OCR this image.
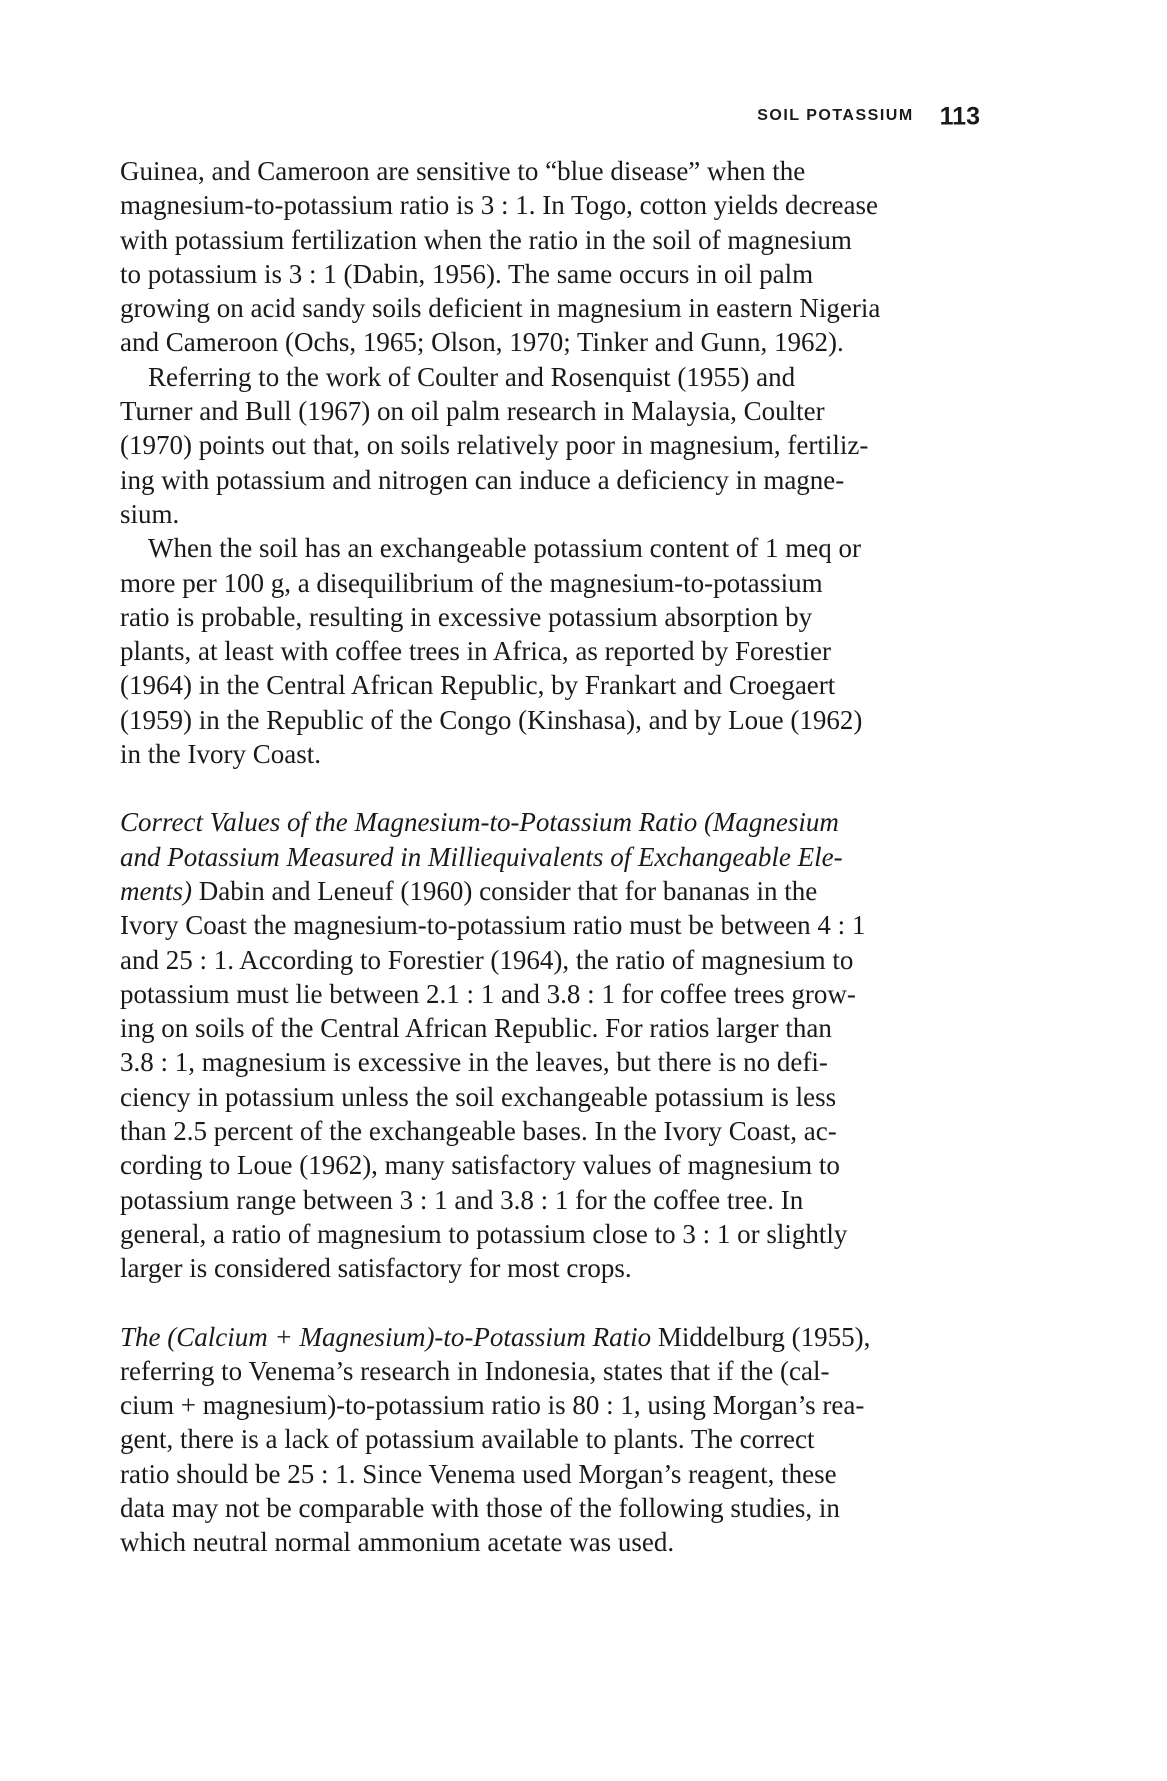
SOIL POTASSIUM 113
Guinea, and Cameroon are sensitive to “blue disease” when the
magnesium-to-potassium ratio is 3 : 1. In Togo, cotton yields decrease
with potassium fertilization when the ratio in the soil of magnesium
to potassium is 3 : 1 (Dabin, 1956). The same occurs in oil palm
growing on acid sandy soils deficient in magnesium in eastern Nigeria
and Cameroon (Ochs, 1965; Olson, 1970; Tinker and Gunn, 1962).
Referring to the work of Coulter and Rosenquist (1955) and
Turner and Bull (1967) on oil palm research in Malaysia, Coulter
(1970) points out that, on soils relatively poor in magnesium, fertiliz-
ing with potassium and nitrogen can induce a deficiency in magne-
sium.
When the soil has an exchangeable potassium content of 1 meq or
more per 100 g, a disequilibrium of the magnesium-to-potassium
ratio is probable, resulting in excessive potassium absorption by
plants, at least with coffee trees in Africa, as reported by Forestier
(1964) in the Central African Republic, by Frankart and Croegaert
(1959) in the Republic of the Congo (Kinshasa), and by Loue (1962)
in the Ivory Coast.
Correct Values of the Magnesium-to-Potassium Ratio (Magnesium
and Potassium Measured in Milliequivalents of Exchangeable Ele-
ments) Dabin and Leneuf (1960) consider that for bananas in the
Ivory Coast the magnesium-to-potassium ratio must be between 4 : 1
and 25 : 1. According to Forestier (1964), the ratio of magnesium to
potassium must lie between 2.1 : 1 and 3.8 : 1 for coffee trees grow-
ing on soils of the Central African Republic. For ratios larger than
3.8 : 1, magnesium is excessive in the leaves, but there is no defi-
ciency in potassium unless the soil exchangeable potassium is less
than 2.5 percent of the exchangeable bases. In the Ivory Coast, ac-
cording to Loue (1962), many satisfactory values of magnesium to
potassium range between 3 : 1 and 3.8 : 1 for the coffee tree. In
general, a ratio of magnesium to potassium close to 3 : 1 or slightly
larger is considered satisfactory for most crops.
The (Calcium + Magnesium)-to-Potassium Ratio Middelburg (1955),
referring to Venema’s research in Indonesia, states that if the (cal-
cium + magnesium)-to-potassium ratio is 80 : 1, using Morgan’s rea-
gent, there is a lack of potassium available to plants. The correct
ratio should be 25 : 1. Since Venema used Morgan’s reagent, these
data may not be comparable with those of the following studies, in
which neutral normal ammonium acetate was used.
